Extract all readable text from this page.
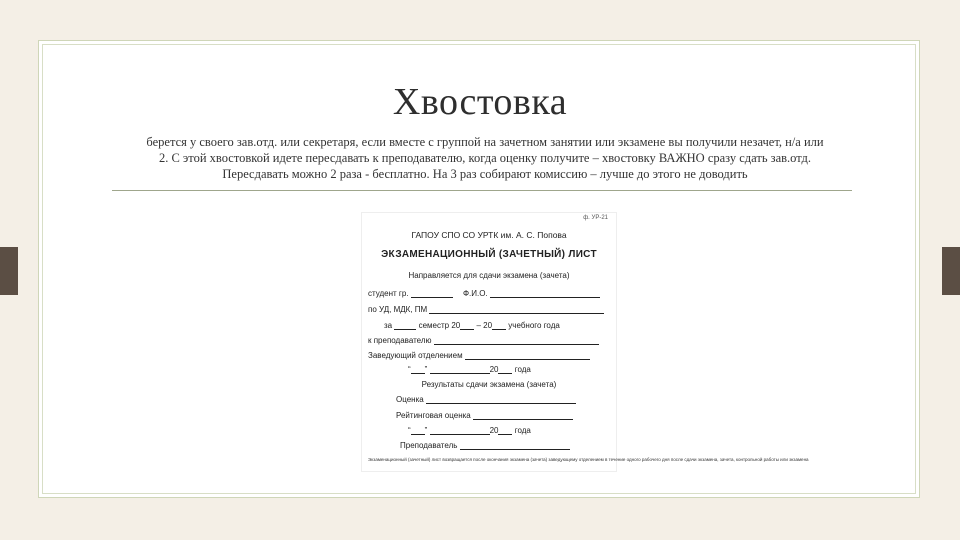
Хвостовка
берется у своего зав.отд. или секретаря, если вместе с группой на зачетном занятии или экзамене вы получили незачет, н/а или
2. С этой хвостовкой идете пересдавать к преподавателю, когда оценку получите – хвостовку ВАЖНО сразу сдать зав.отд.
Пересдавать можно 2 раза - бесплатно. На 3 раз собирают комиссию – лучше до этого не доводить
ф. УР-21
ГАПОУ СПО СО УРТК им. А. С. Попова
ЭКЗАМЕНАЦИОННЫЙ (ЗАЧЕТНЫЙ) ЛИСТ
Направляется для сдачи экзамена (зачета)
студент гр.	Ф.И.О.
по УД, МДК, ПМ
за	семестр 20 – 20 учебного года
к преподавателю
Заведующий отделением
“ ”	20 года
Результаты сдачи экзамена (зачета)
Оценка
Рейтинговая оценка
“ ”	20 года
Преподаватель
Экзаменационный (зачетный) лист возвращается после окончания экзамена (зачета) заведующему отделением в течение одного рабочего дня после сдачи экзамена, зачета, контрольной работы или экзамена
